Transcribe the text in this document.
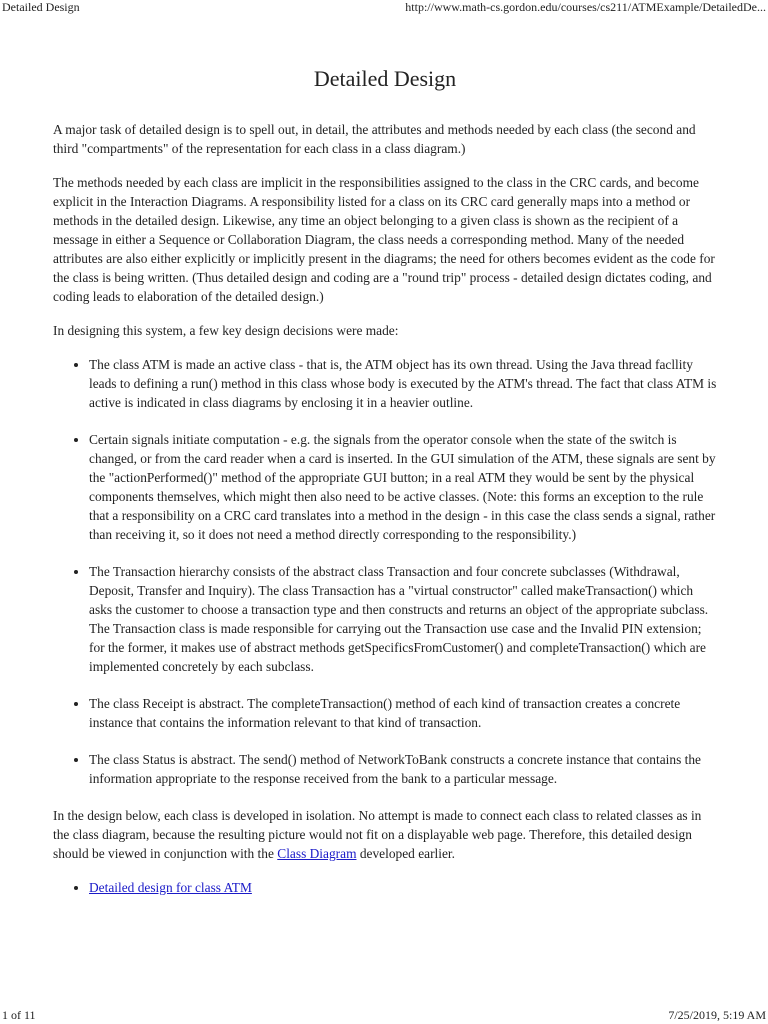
Detailed Design	http://www.math-cs.gordon.edu/courses/cs211/ATMExample/DetailedDe...
Detailed Design

A major task of detailed design is to spell out, in detail, the attributes and methods needed by each class (the second and third "compartments" of the representation for each class in a class diagram.)

The methods needed by each class are implicit in the responsibilities assigned to the class in the CRC cards, and become explicit in the Interaction Diagrams. A responsibility listed for a class on its CRC card generally maps into a method or methods in the detailed design. Likewise, any time an object belonging to a given class is shown as the recipient of a message in either a Sequence or Collaboration Diagram, the class needs a corresponding method. Many of the needed attributes are also either explicitly or implicitly present in the diagrams; the need for others becomes evident as the code for the class is being written. (Thus detailed design and coding are a "round trip" process - detailed design dictates coding, and coding leads to elaboration of the detailed design.)

In designing this system, a few key design decisions were made:

• The class ATM is made an active class - that is, the ATM object has its own thread. Using the Java thread facllity leads to defining a run() method in this class whose body is executed by the ATM's thread. The fact that class ATM is active is indicated in class diagrams by enclosing it in a heavier outline.
• Certain signals initiate computation - e.g. the signals from the operator console when the state of the switch is changed, or from the card reader when a card is inserted. In the GUI simulation of the ATM, these signals are sent by the "actionPerformed()" method of the appropriate GUI button; in a real ATM they would be sent by the physical components themselves, which might then also need to be active classes. (Note: this forms an exception to the rule that a responsibility on a CRC card translates into a method in the design - in this case the class sends a signal, rather than receiving it, so it does not need a method directly corresponding to the responsibility.)
• The Transaction hierarchy consists of the abstract class Transaction and four concrete subclasses (Withdrawal, Deposit, Transfer and Inquiry). The class Transaction has a "virtual constructor" called makeTransaction() which asks the customer to choose a transaction type and then constructs and returns an object of the appropriate subclass. The Transaction class is made responsible for carrying out the Transaction use case and the Invalid PIN extension; for the former, it makes use of abstract methods getSpecificsFromCustomer() and completeTransaction() which are implemented concretely by each subclass.
• The class Receipt is abstract. The completeTransaction() method of each kind of transaction creates a concrete instance that contains the information relevant to that kind of transaction.
• The class Status is abstract. The send() method of NetworkToBank constructs a concrete instance that contains the information appropriate to the response received from the bank to a particular message.

In the design below, each class is developed in isolation. No attempt is made to connect each class to related classes as in the class diagram, because the resulting picture would not fit on a displayable web page. Therefore, this detailed design should be viewed in conjunction with the Class Diagram developed earlier.

• Detailed design for class ATM
1 of 11	7/25/2019, 5:19 AM
